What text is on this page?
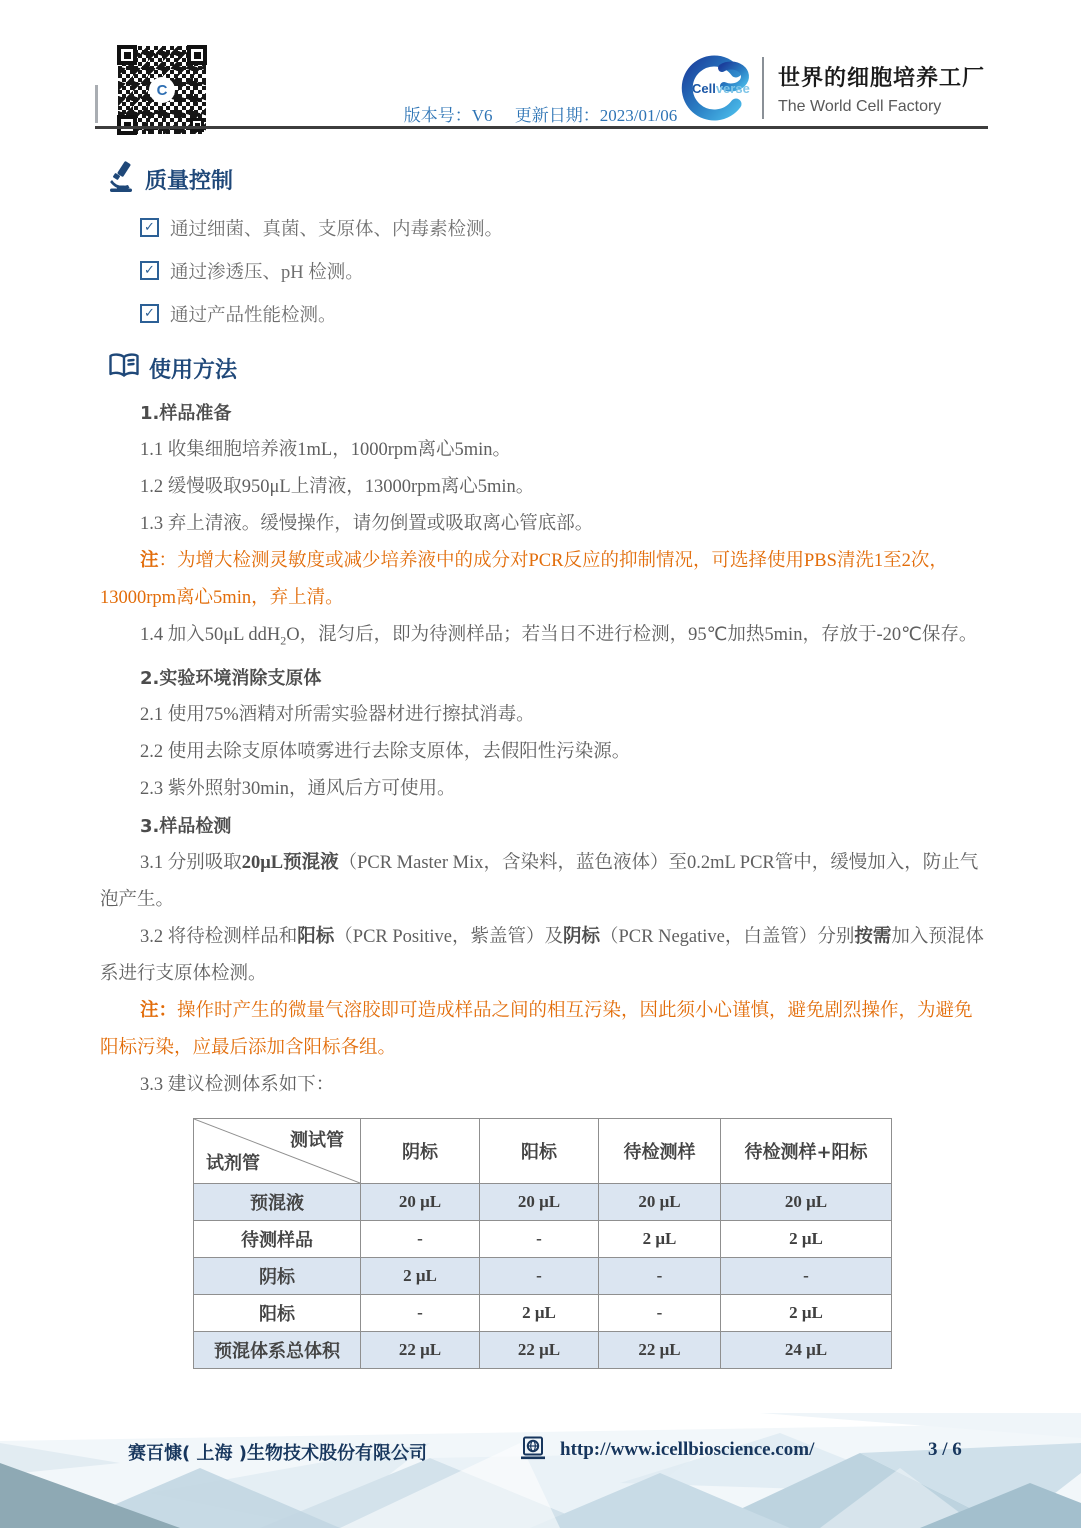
C
版本号：V6 更新日期：2023/01/06
Cellverse 世界的细胞培养工厂
The World Cell Factory
质量控制
✓ 通过细菌、真菌、支原体、内毒素检测。
✓ 通过渗透压、pH 检测。
✓ 通过产品性能检测。
使用方法

1.样品准备

1.1 收集细胞培养液1mL，1000rpm离心5min。

1.2 缓慢吸取950μL上清液，13000rpm离心5min。

1.3 弃上清液。缓慢操作，请勿倒置或吸取离心管底部。

注：为增大检测灵敏度或减少培养液中的成分对PCR反应的抑制情况，可选择使用PBS清洗1至2次，13000rpm离心5min，弃上清。

1.4 加入50μL ddH$_2$O，混匀后，即为待测样品；若当日不进行检测，95℃加热5min，存放于-20℃保存。

2.实验环境消除支原体

2.1 使用75%酒精对所需实验器材进行擦拭消毒。

2.2 使用去除支原体喷雾进行去除支原体，去假阳性污染源。

2.3 紫外照射30min，通风后方可使用。

3.样品检测

3.1 分别吸取20μL预混液（PCR Master Mix，含染料，蓝色液体）至0.2mL PCR管中，缓慢加入，防止气泡产生。

3.2 将待检测样品和阳标（PCR Positive，紫盖管）及阴标（PCR Negative，白盖管）分别按需加入预混体系进行支原体检测。

注：操作时产生的微量气溶胶即可造成样品之间的相互污染，因此须小心谨慎，避免剧烈操作，为避免阳标污染，应最后添加含阳标各组。

3.3 建议检测体系如下：

测试管
试剂管	阴标	阳标	待检测样	待检测样+阳标
预混液	20 μL	20 μL	20 μL	20 μL
待测样品	-	-	2 μL	2 μL
阴标	2 μL	-	-	-
阳标	-	2 μL	-	2 μL
预混体系总体积	22 μL	22 μL	22 μL	24 μL
赛百慷( 上海 )生物技术股份有限公司	http://www.icellbioscience.com/	3 / 6
